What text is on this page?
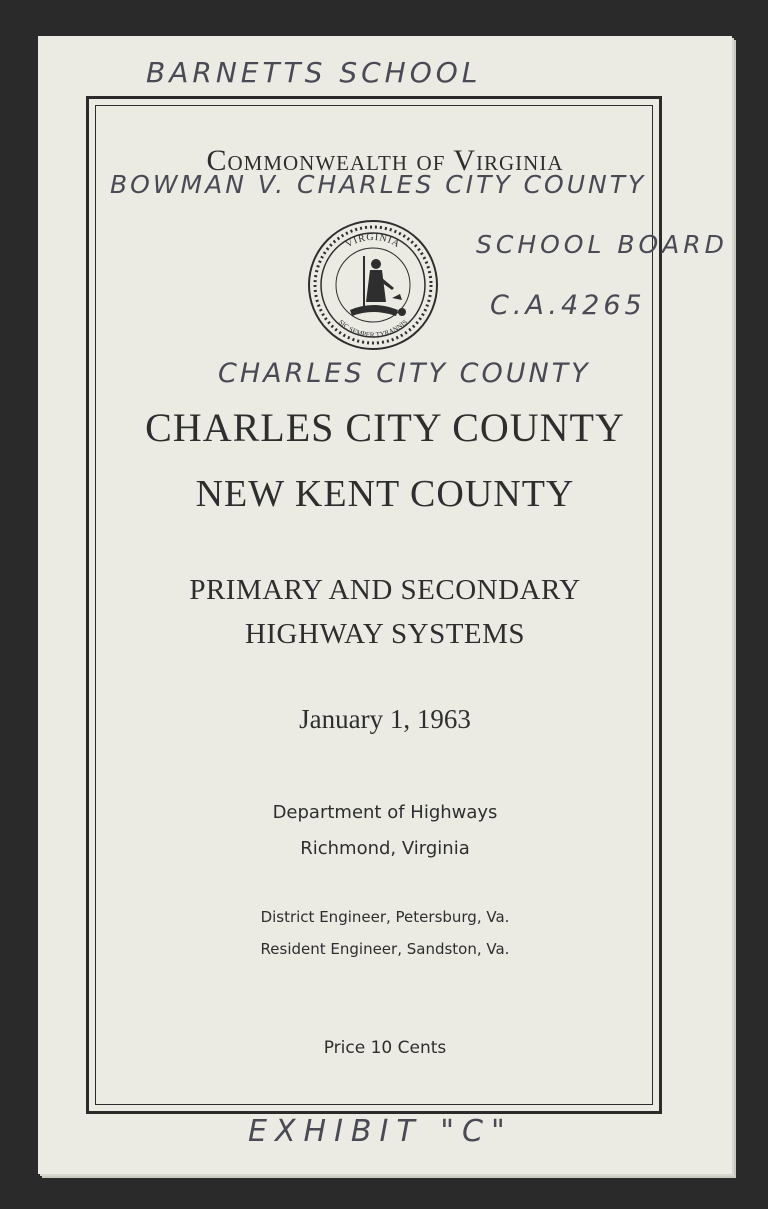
BARNETTS SCHOOL
Commonwealth of Virginia
BOWMAN V. CHARLES CITY COUNTY
VIRGINIA
SIC SEMPER TYRANNIS
SCHOOL BOARD
C.A.4265
CHARLES CITY COUNTY
CHARLES CITY COUNTY
NEW KENT COUNTY
PRIMARY AND SECONDARY
HIGHWAY SYSTEMS
January 1, 1963
Department of Highways
Richmond, Virginia
District Engineer, Petersburg, Va.
Resident Engineer, Sandston, Va.
Price 10 Cents
EXHIBIT "C"
